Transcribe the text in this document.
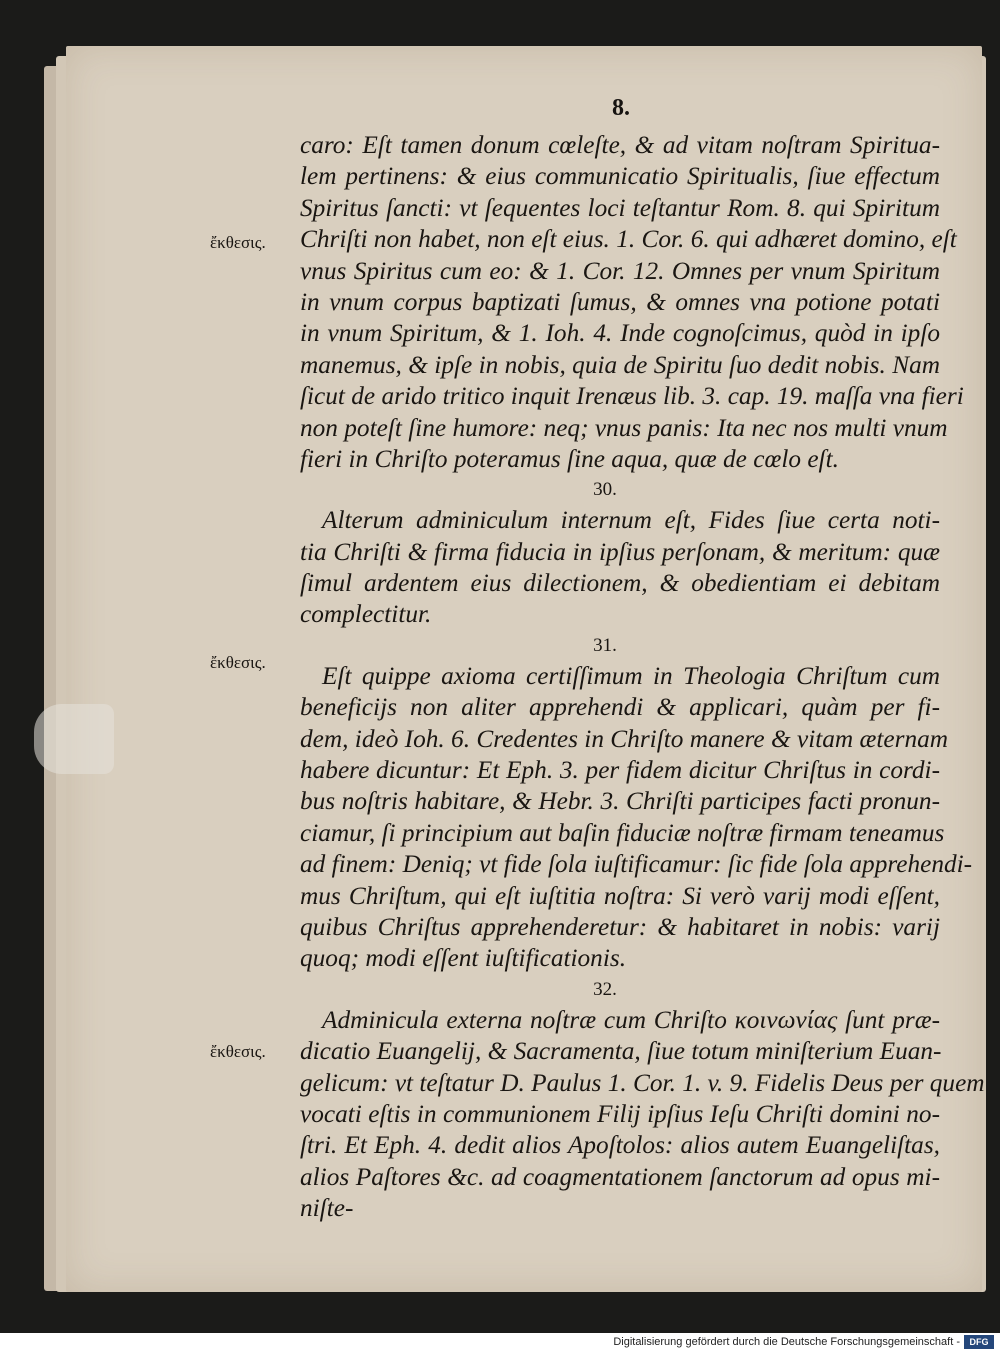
8.
ἔκθεσις.
ἔκθεσις.
ἔκθεσις.
caro: Eſt tamen donum cœleſte, & ad vitam noſtram Spiritua-
lem pertinens: & eius communicatio Spiritualis, ſiue effectum
Spiritus ſancti: vt ſequentes loci teſtantur Rom. 8. qui Spiritum
Chriſti non habet, non eſt eius. 1. Cor. 6. qui adhæret domino, eſt
vnus Spiritus cum eo: & 1. Cor. 12. Omnes per vnum Spiritum
in vnum corpus baptizati ſumus, & omnes vna potione potati
in vnum Spiritum, & 1. Ioh. 4. Inde cognoſcimus, quòd in ipſo
manemus, & ipſe in nobis, quia de Spiritu ſuo dedit nobis. Nam
ſicut de arido tritico inquit Irenæus lib. 3. cap. 19. maſſa vna fieri
non poteſt ſine humore: neq; vnus panis: Ita nec nos multi vnum
fieri in Chriſto poteramus ſine aqua, quæ de cœlo eſt.
30.
Alterum adminiculum internum eſt, Fides ſiue certa noti-
tia Chriſti & firma fiducia in ipſius perſonam, & meritum: quæ
ſimul ardentem eius dilectionem, & obedientiam ei debitam
complectitur.
31.
Eſt quippe axioma certiſſimum in Theologia Chriſtum cum
beneficijs non aliter apprehendi & applicari, quàm per fi-
dem, ideò Ioh. 6. Credentes in Chriſto manere & vitam æternam
habere dicuntur: Et Eph. 3. per fidem dicitur Chriſtus in cordi-
bus noſtris habitare, & Hebr. 3. Chriſti participes facti pronun-
ciamur, ſi principium aut baſin fiduciæ noſtræ firmam teneamus
ad finem: Deniq; vt fide ſola iuſtificamur: ſic fide ſola apprehendi-
mus Chriſtum, qui eſt iuſtitia noſtra: Si verò varij modi eſſent,
quibus Chriſtus apprehenderetur: & habitaret in nobis: varij
quoq; modi eſſent iuſtificationis.
32.
Adminicula externa noſtræ cum Chriſto κοινωνίας ſunt præ-
dicatio Euangelij, & Sacramenta, ſiue totum miniſterium Euan-
gelicum: vt teſtatur D. Paulus 1. Cor. 1. v. 9. Fidelis Deus per quem
vocati eſtis in communionem Filij ipſius Ieſu Chriſti domini no-
ſtri. Et Eph. 4. dedit alios Apoſtolos: alios autem Euangeliſtas,
alios Paſtores &c. ad coagmentationem ſanctorum ad opus mi-
niſte-
Digitalisierung gefördert durch die Deutsche Forschungsgemeinschaft -	DFG
